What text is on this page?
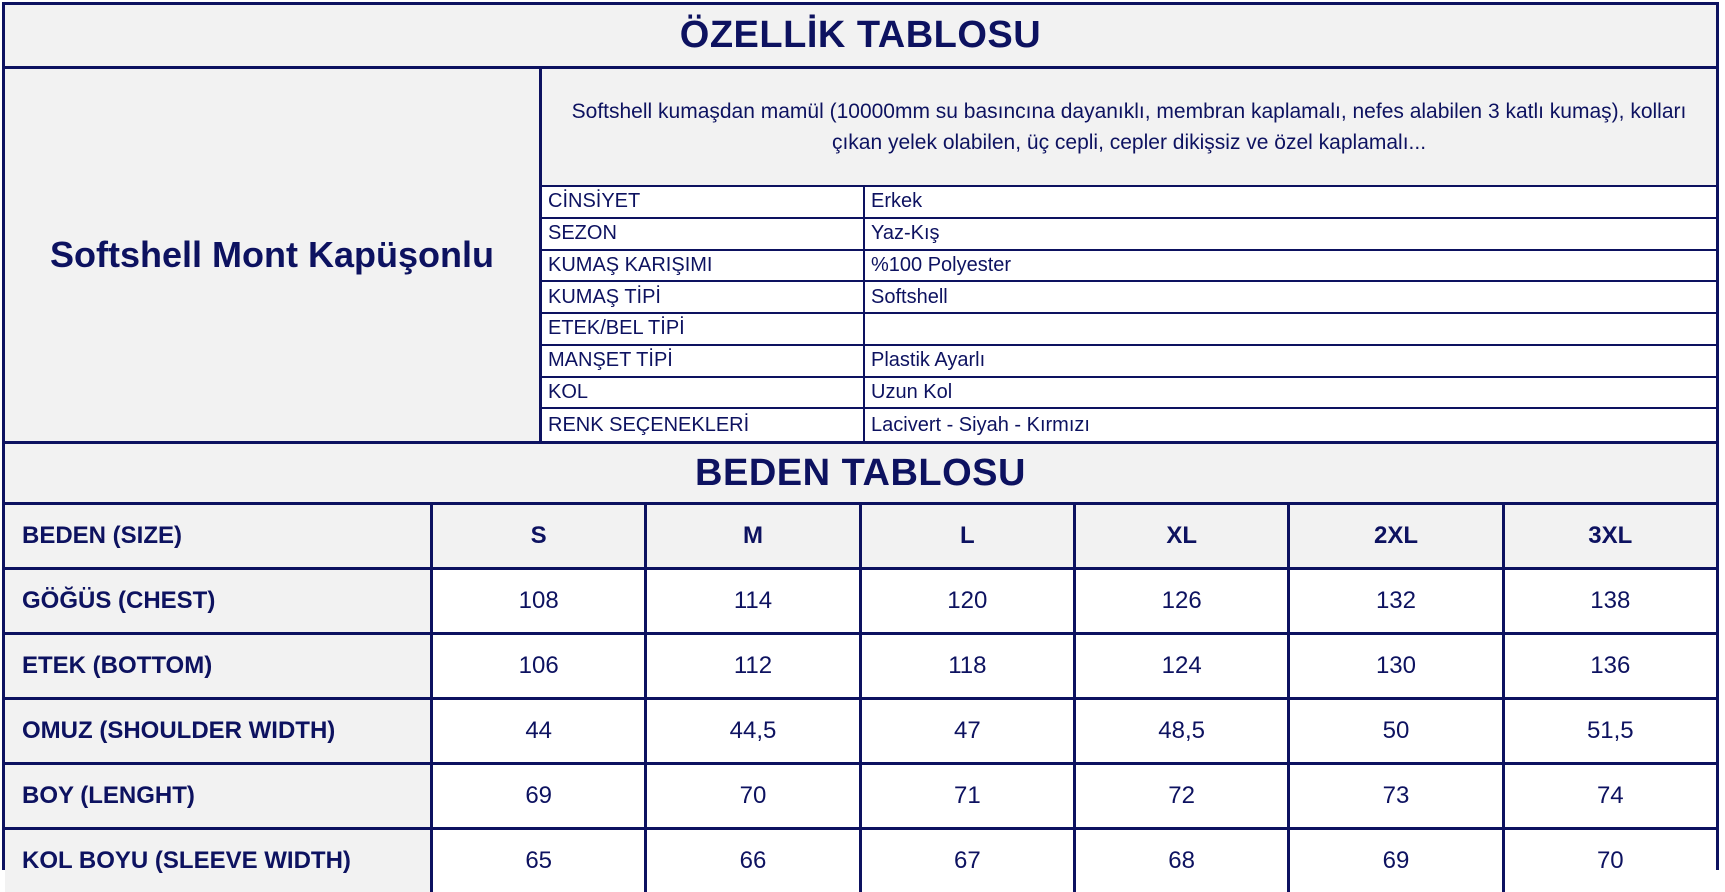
ÖZELLİK TABLOSU
Softshell Mont Kapüşonlu
Softshell kumaşdan mamül (10000mm su basıncına dayanıklı, membran kaplamalı, nefes alabilen 3 katlı kumaş), kolları çıkan yelek olabilen, üç cepli, cepler dikişsiz ve özel kaplamalı...
CİNSİYET	Erkek
SEZON	Yaz-Kış
KUMAŞ KARIŞIMI	%100 Polyester
KUMAŞ TİPİ	Softshell
ETEK/BEL TİPİ
MANŞET TİPİ	Plastik Ayarlı
KOL	Uzun Kol
RENK SEÇENEKLERİ	Lacivert - Siyah - Kırmızı
BEDEN TABLOSU
BEDEN (SIZE)	S	M	L	XL	2XL	3XL
GÖĞÜS (CHEST)	108	114	120	126	132	138
ETEK (BOTTOM)	106	112	118	124	130	136
OMUZ (SHOULDER WIDTH)	44	44,5	47	48,5	50	51,5
BOY (LENGHT)	69	70	71	72	73	74
KOL BOYU (SLEEVE WIDTH)	65	66	67	68	69	70
